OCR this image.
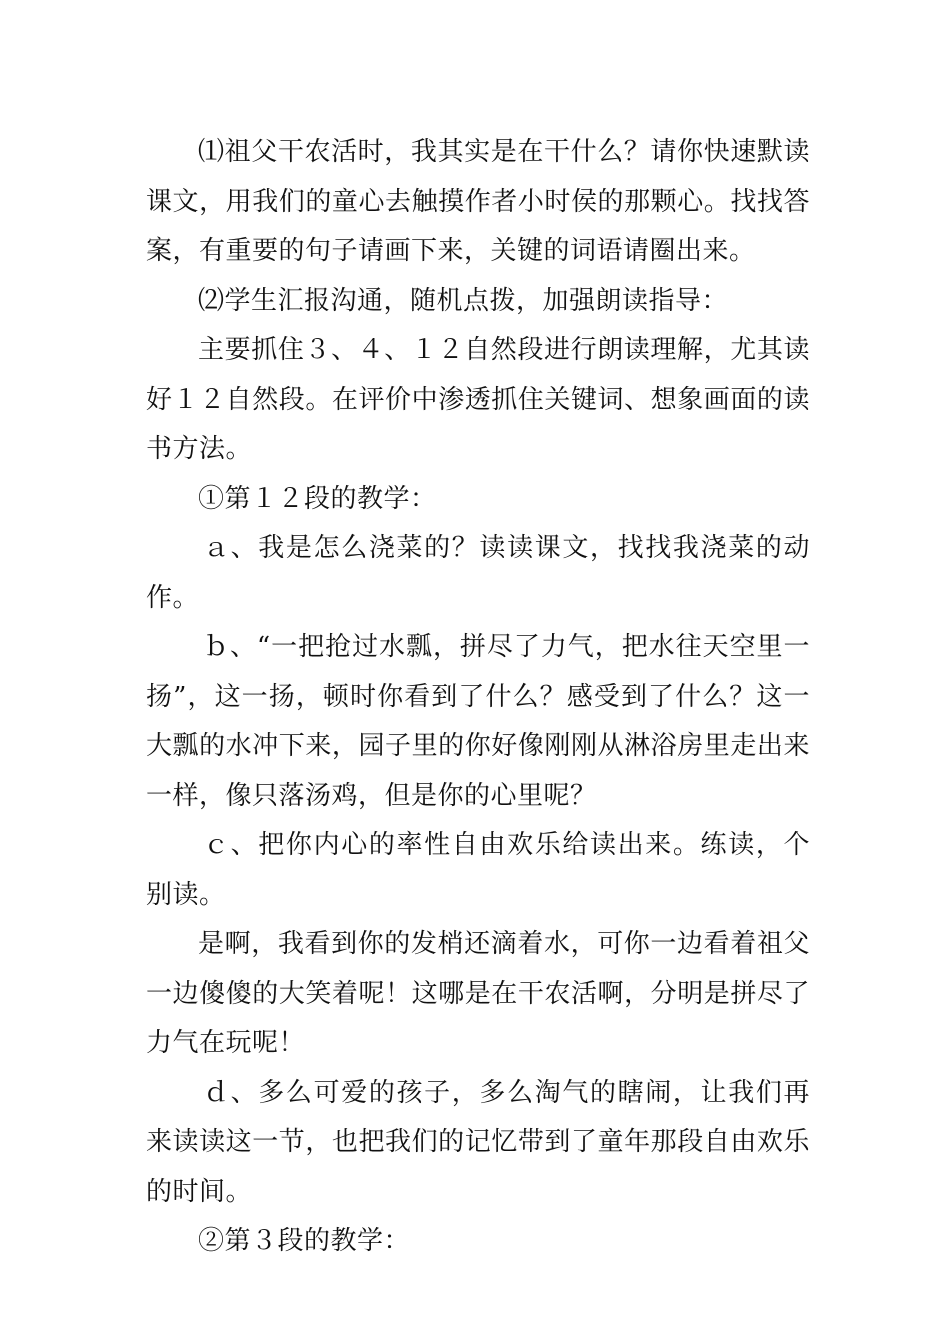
⑴祖父干农活时，我其实是在干什么？请你快速默读课文，用我们的童心去触摸作者小时侯的那颗心。找找答案，有重要的句子请画下来，关键的词语请圈出来。

⑵学生汇报沟通，随机点拨，加强朗读指导：

主要抓住３、４、１２自然段进行朗读理解，尤其读好１２自然段。在评价中渗透抓住关键词、想象画面的读书方法。

①第１２段的教学：

ａ、我是怎么浇菜的？读读课文，找找我浇菜的动作。

ｂ、“一把抢过水瓢，拼尽了力气，把水往天空里一扬”，这一扬，顿时你看到了什么？感受到了什么？这一大瓢的水冲下来，园子里的你好像刚刚从淋浴房里走出来一样，像只落汤鸡，但是你的心里呢？

ｃ、把你内心的率性自由欢乐给读出来。练读，个别读。

是啊，我看到你的发梢还滴着水，可你一边看着祖父一边傻傻的大笑着呢！这哪是在干农活啊，分明是拼尽了力气在玩呢！

ｄ、多么可爱的孩子，多么淘气的瞎闹，让我们再来读读这一节，也把我们的记忆带到了童年那段自由欢乐的时间。

②第３段的教学：
